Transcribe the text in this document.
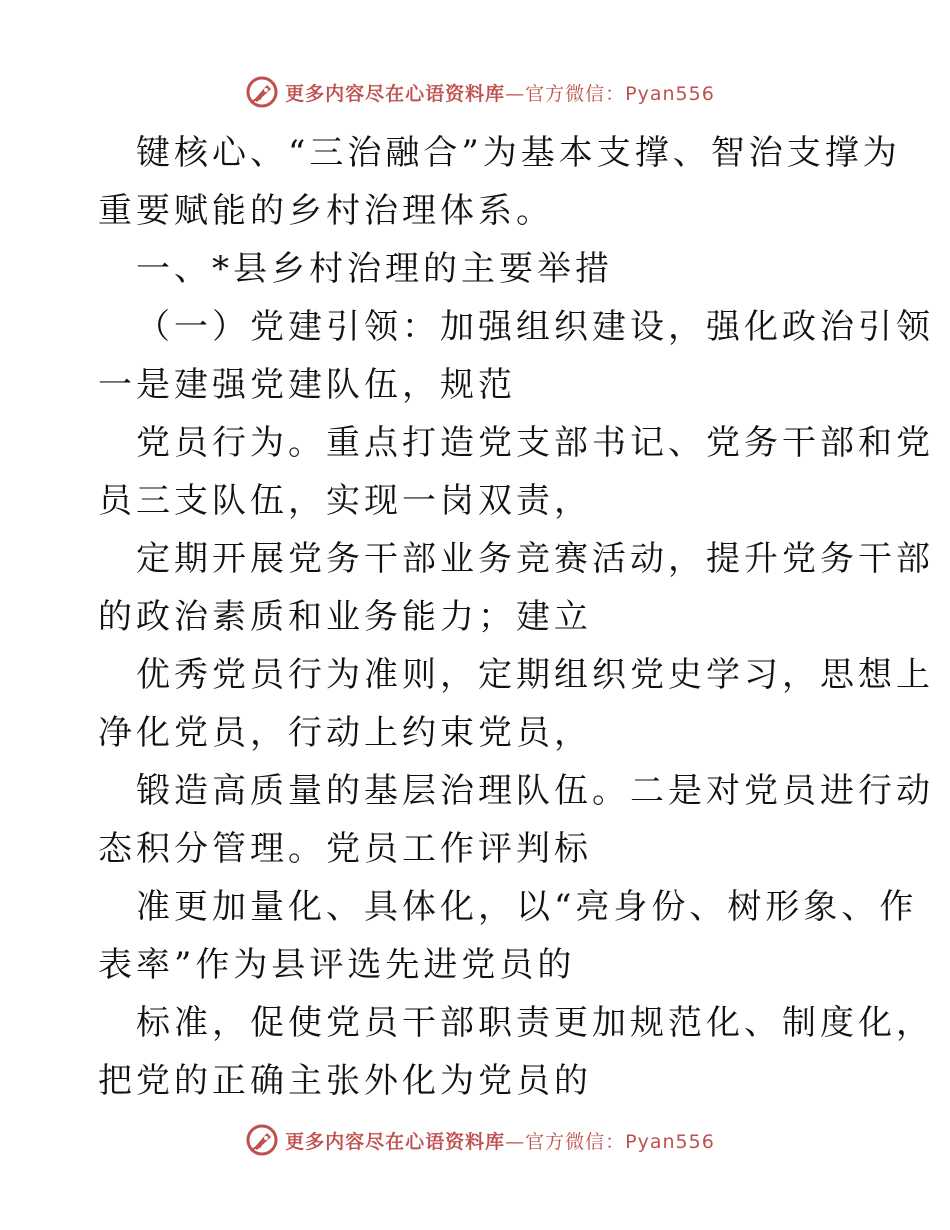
更多内容尽在心语资料库—官方微信：Pyan556
键核心、“三治融合”为基本支撑、智治支撑为
重要赋能的乡村治理体系。
一、*县乡村治理的主要举措
（一）党建引领：加强组织建设，强化政治引领
一是建强党建队伍，规范
党员行为。重点打造党支部书记、党务干部和党
员三支队伍，实现一岗双责，
定期开展党务干部业务竞赛活动，提升党务干部
的政治素质和业务能力；建立
优秀党员行为准则，定期组织党史学习，思想上
净化党员，行动上约束党员，
锻造高质量的基层治理队伍。二是对党员进行动
态积分管理。党员工作评判标
准更加量化、具体化，以“亮身份、树形象、作
表率”作为县评选先进党员的
标准，促使党员干部职责更加规范化、制度化，
把党的正确主张外化为党员的
更多内容尽在心语资料库—官方微信：Pyan556
